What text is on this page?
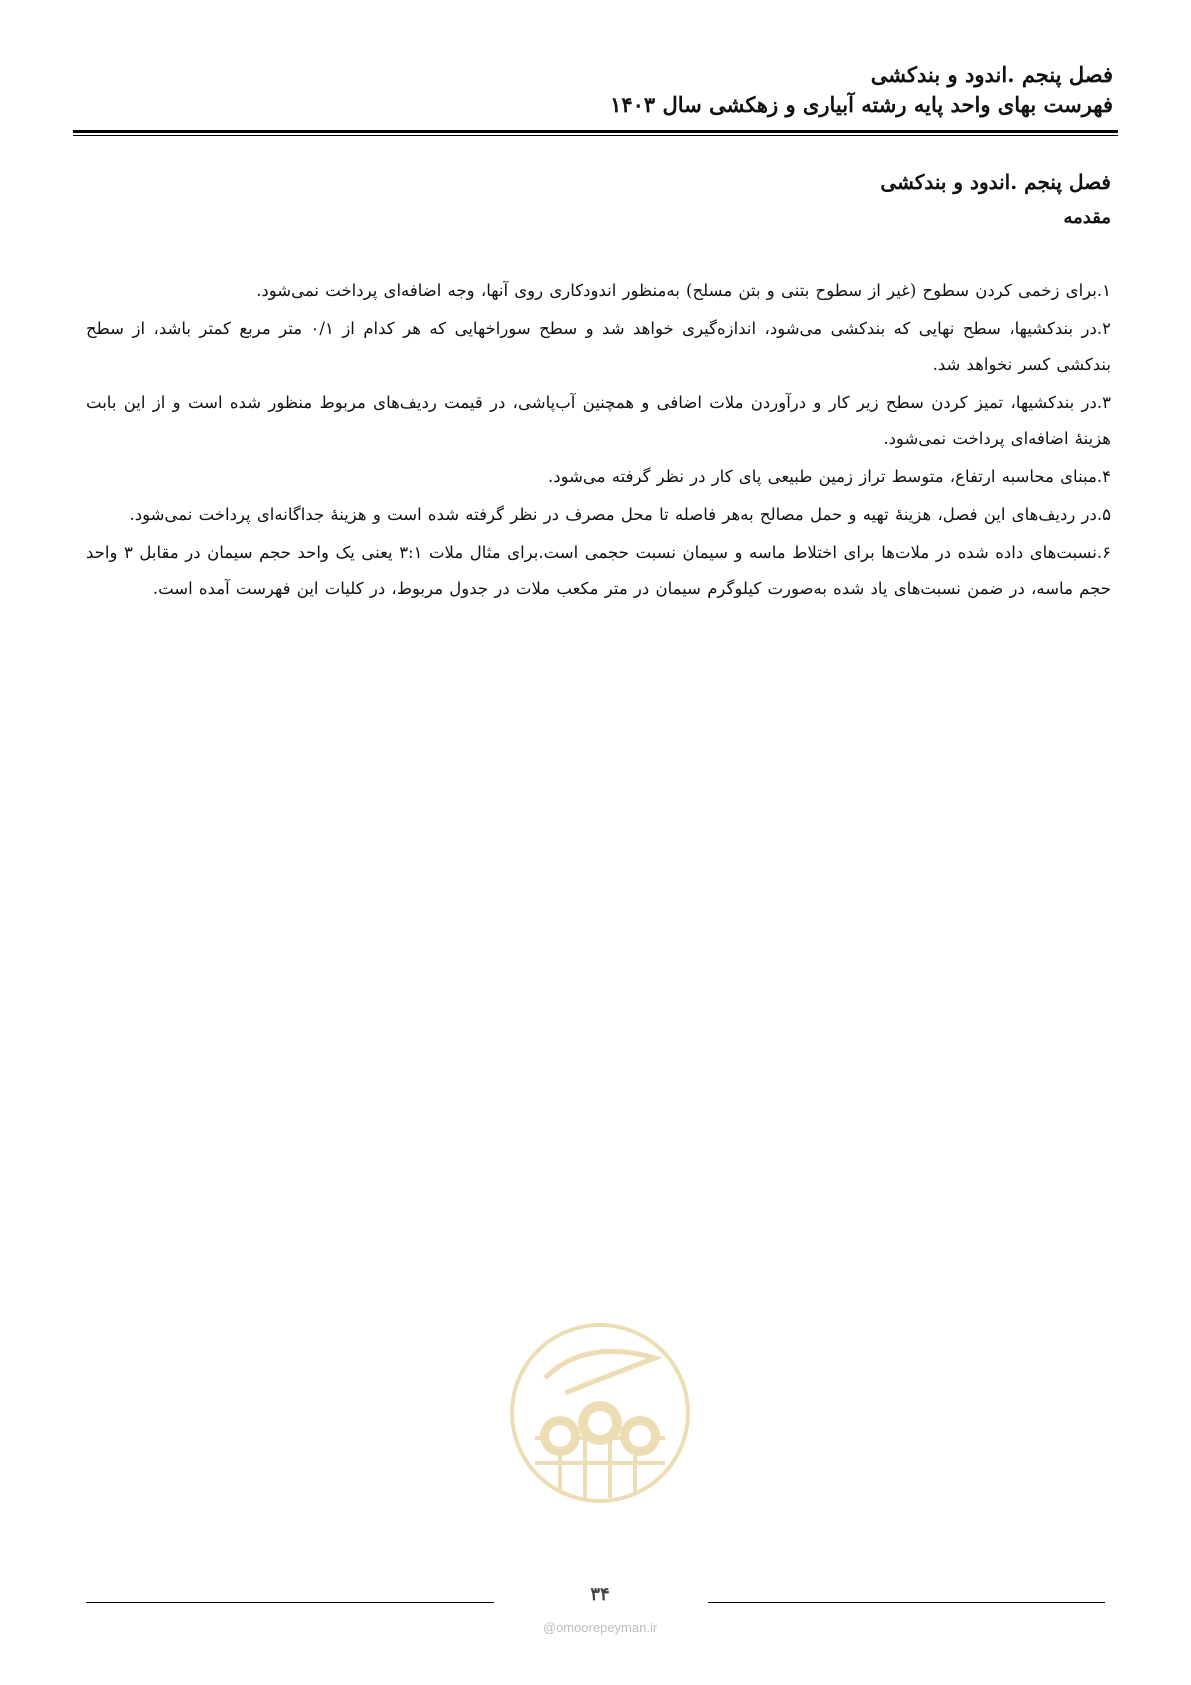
فصل پنجم .اندود و بندکشی
فهرست بهای واحد پایه رشته آبیاری و زهکشی سال ۱۴۰۳
فصل پنجم .اندود و بندکشی
مقدمه

۱.برای زخمی کردن سطوح (غیر از سطوح بتنی و بتن مسلح) به‌منظور اندودکاری روی آنها، وجه اضافه‌ای پرداخت نمی‌شود.

۲.در بندکشیها، سطح نهایی که بندکشی می‌شود، اندازه‌گیری خواهد شد و سطح سوراخهایی که هر کدام از ۰/۱ متر مربع کمتر باشد، از سطح بندکشی کسر نخواهد شد.

۳.در بندکشیها، تمیز کردن سطح زیر کار و درآوردن ملات اضافی و همچنین آب‌پاشی، در قیمت ردیف‌های مربوط منظور شده است و از این بابت هزینهٔ اضافه‌ای پرداخت نمی‌شود.

۴.مبنای محاسبه ارتفاع، متوسط تراز زمین طبیعی پای کار در نظر گرفته می‌شود.

۵.در ردیف‌های این فصل، هزینهٔ تهیه و حمل مصالح به‌هر فاصله تا محل مصرف در نظر گرفته شده است و هزینهٔ جداگانه‌ای پرداخت نمی‌شود.

۶.نسبت‌های داده شده در ملات‌ها برای اختلاط ماسه و سیمان نسبت حجمی است.برای مثال ملات ۳:۱ یعنی یک واحد حجم سیمان در مقابل ۳ واحد حجم ماسه، در ضمن نسبت‌های یاد شده به‌صورت کیلوگرم سیمان در متر مکعب ملات در جدول مربوط، در کلیات این فهرست آمده است.

۳۴
@omoorepeyman.ir
